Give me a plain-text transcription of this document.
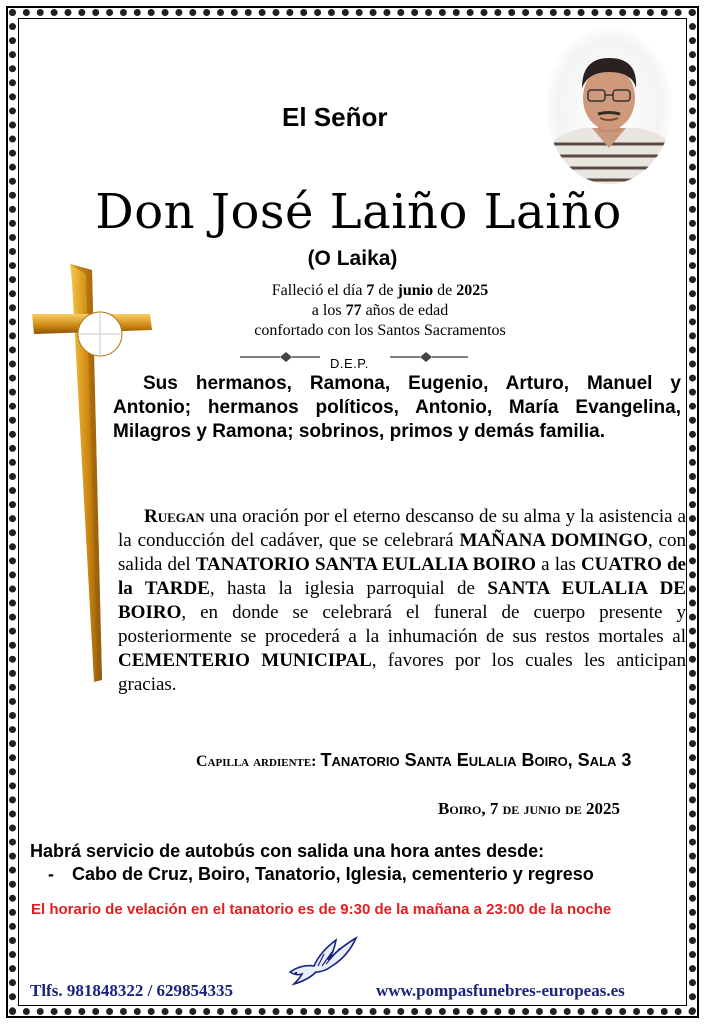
El Señor
Don José Laiño Laiño
(O Laika)
Falleció el día 7 de junio de 2025
a los 77 años de edad
confortado con los Santos Sacramentos
D.E.P.
Sus hermanos, Ramona, Eugenio, Arturo, Manuel y Antonio; hermanos políticos, Antonio, María Evangelina, Milagros y Ramona; sobrinos, primos y demás familia.
Ruegan una oración por el eterno descanso de su alma y la asistencia a la conducción del cadáver, que se celebrará MAÑANA DOMINGO, con salida del TANATORIO SANTA EULALIA BOIRO a las CUATRO de la TARDE, hasta la iglesia parroquial de SANTA EULALIA DE BOIRO, en donde se celebrará el funeral de cuerpo presente y posteriormente se procederá a la inhumación de sus restos mortales al CEMENTERIO MUNICIPAL, favores por los cuales les anticipan gracias.
Capilla ardiente: Tanatorio Santa Eulalia Boiro, Sala 3
Boiro, 7 de junio de 2025
Habrá servicio de autobús con salida una hora antes desde:
- Cabo de Cruz, Boiro, Tanatorio, Iglesia, cementerio y regreso
El horario de velación en el tanatorio es de 9:30 de la mañana a 23:00 de la noche
Tlfs. 981848322 / 629854335	www.pompasfunebres-europeas.es
